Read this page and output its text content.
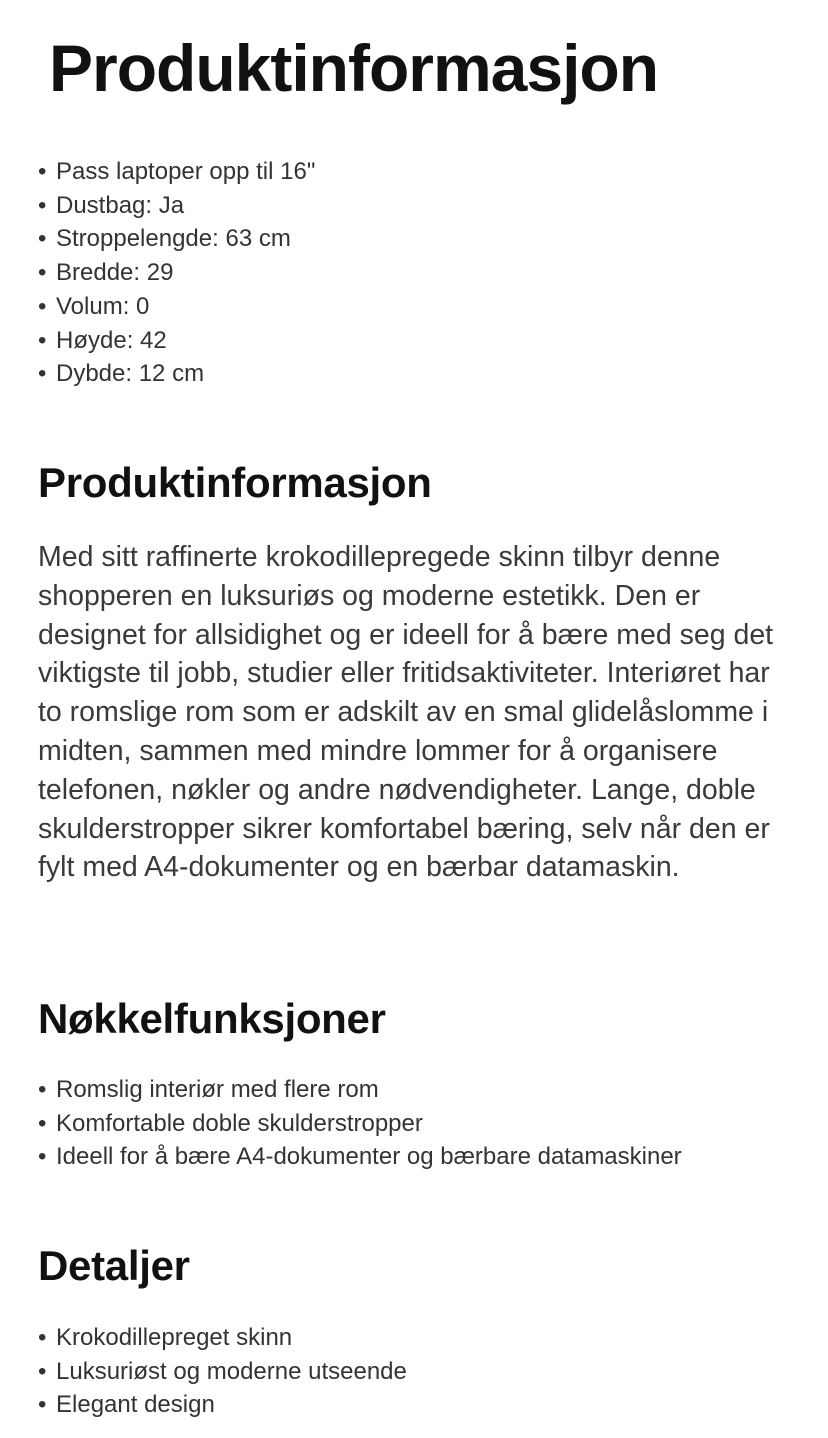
Produktinformasjon
• Pass laptoper opp til 16"
• Dustbag: Ja
• Stroppelengde: 63 cm
• Bredde: 29
• Volum: 0
• Høyde: 42
• Dybde: 12 cm
Produktinformasjon

Med sitt raffinerte krokodillepregede skinn tilbyr denne shopperen en luksuriøs og moderne estetikk. Den er designet for allsidighet og er ideell for å bære med seg det viktigste til jobb, studier eller fritidsaktiviteter. Interiøret har to romslige rom som er adskilt av en smal glidelåslomme i midten, sammen med mindre lommer for å organisere telefonen, nøkler og andre nødvendigheter. Lange, doble skulderstropper sikrer komfortabel bæring, selv når den er fylt med A4-dokumenter og en bærbar datamaskin.

Nøkkelfunksjoner
• Romslig interiør med flere rom
• Komfortable doble skulderstropper
• Ideell for å bære A4-dokumenter og bærbare datamaskiner
Detaljer
• Krokodillepreget skinn
• Luksuriøst og moderne utseende
• Elegant design
